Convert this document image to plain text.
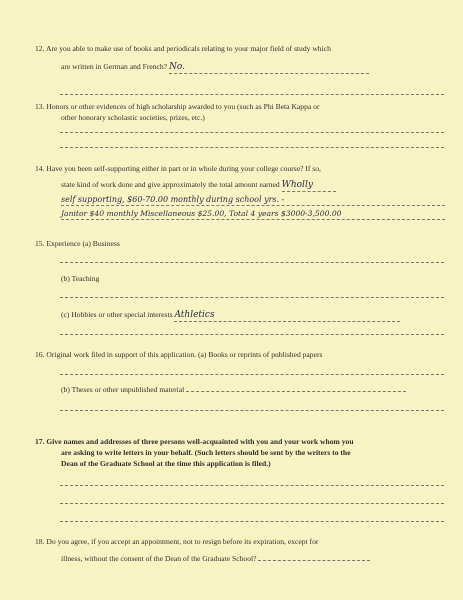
12. Are you able to make use of books and periodicals relating to your major field of study which
are written in German and French? No.
13. Honors or other evidences of high scholarship awarded to you (such as Phi Beta Kappa or
other honorary scholastic societies, prizes, etc.)
14. Have you been self-supporting either in part or in whole during your college course? If so,
state kind of work done and give approximately the total amount earned Wholly
self supporting, $60-70.00 monthly during school yrs. -
Janitor $40 monthly Miscellaneous $25.00, Total 4 years $3000-3,500.00
15. Experience (a) Business
(b) Teaching
(c) Hobbies or other special interests Athletics
16. Original work filed in support of this application. (a) Books or reprints of published papers
(b) Theses or other unpublished material
17. Give names and addresses of three persons well-acquainted with you and your work whom you
are asking to write letters in your behalf. (Such letters should be sent by the writers to the
Dean of the Graduate School at the time this application is filed.)
18. Do you agree, if you accept an appointment, not to resign before its expiration, except for
illness, without the consent of the Dean of the Graduate School?
